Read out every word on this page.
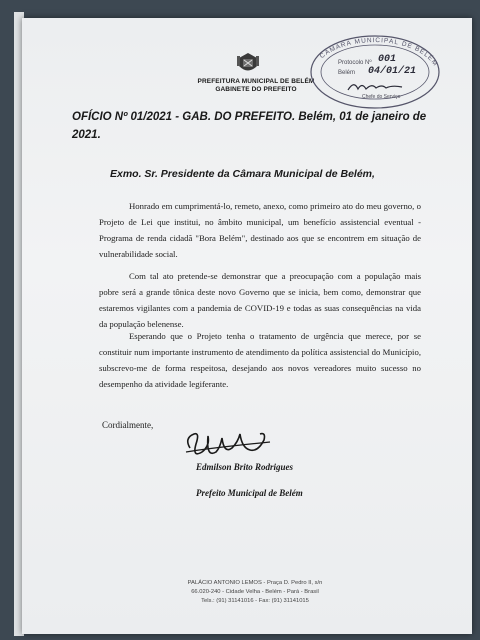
PREFEITURA MUNICIPAL DE BELÉM
GABINETE DO PREFEITO
CÂMARA MUNICIPAL DE BELÉM
Protocolo Nº 001
Belém 04/01/21
Chefe do Serviço
OFÍCIO Nº 01/2021 - GAB. DO PREFEITO. Belém, 01 de janeiro de
2021.
Exmo. Sr. Presidente da Câmara Municipal de Belém,
Honrado em cumprimentá-lo, remeto, anexo, como primeiro ato do meu governo, o Projeto de Lei que institui, no âmbito municipal, um benefício assistencial eventual - Programa de renda cidadã "Bora Belém", destinado aos que se encontrem em situação de vulnerabilidade social.
Com tal ato pretende-se demonstrar que a preocupação com a população mais pobre será a grande tônica deste novo Governo que se inicia, bem como, demonstrar que estaremos vigilantes com a pandemia de COVID-19 e todas as suas consequências na vida da população belenense.
Esperando que o Projeto tenha o tratamento de urgência que merece, por se constituir num importante instrumento de atendimento da política assistencial do Município, subscrevo-me de forma respeitosa, desejando aos novos vereadores muito sucesso no desempenho da atividade legiferante.
Cordialmente,
Edmilson Brito Rodrigues
Prefeito Municipal de Belém
PALÁCIO ANTONIO LEMOS - Praça D. Pedro II, s/n
66.020-240 - Cidade Velha - Belém - Pará - Brasil
Tels.: (91) 31141016 - Fax: (91) 31141015
